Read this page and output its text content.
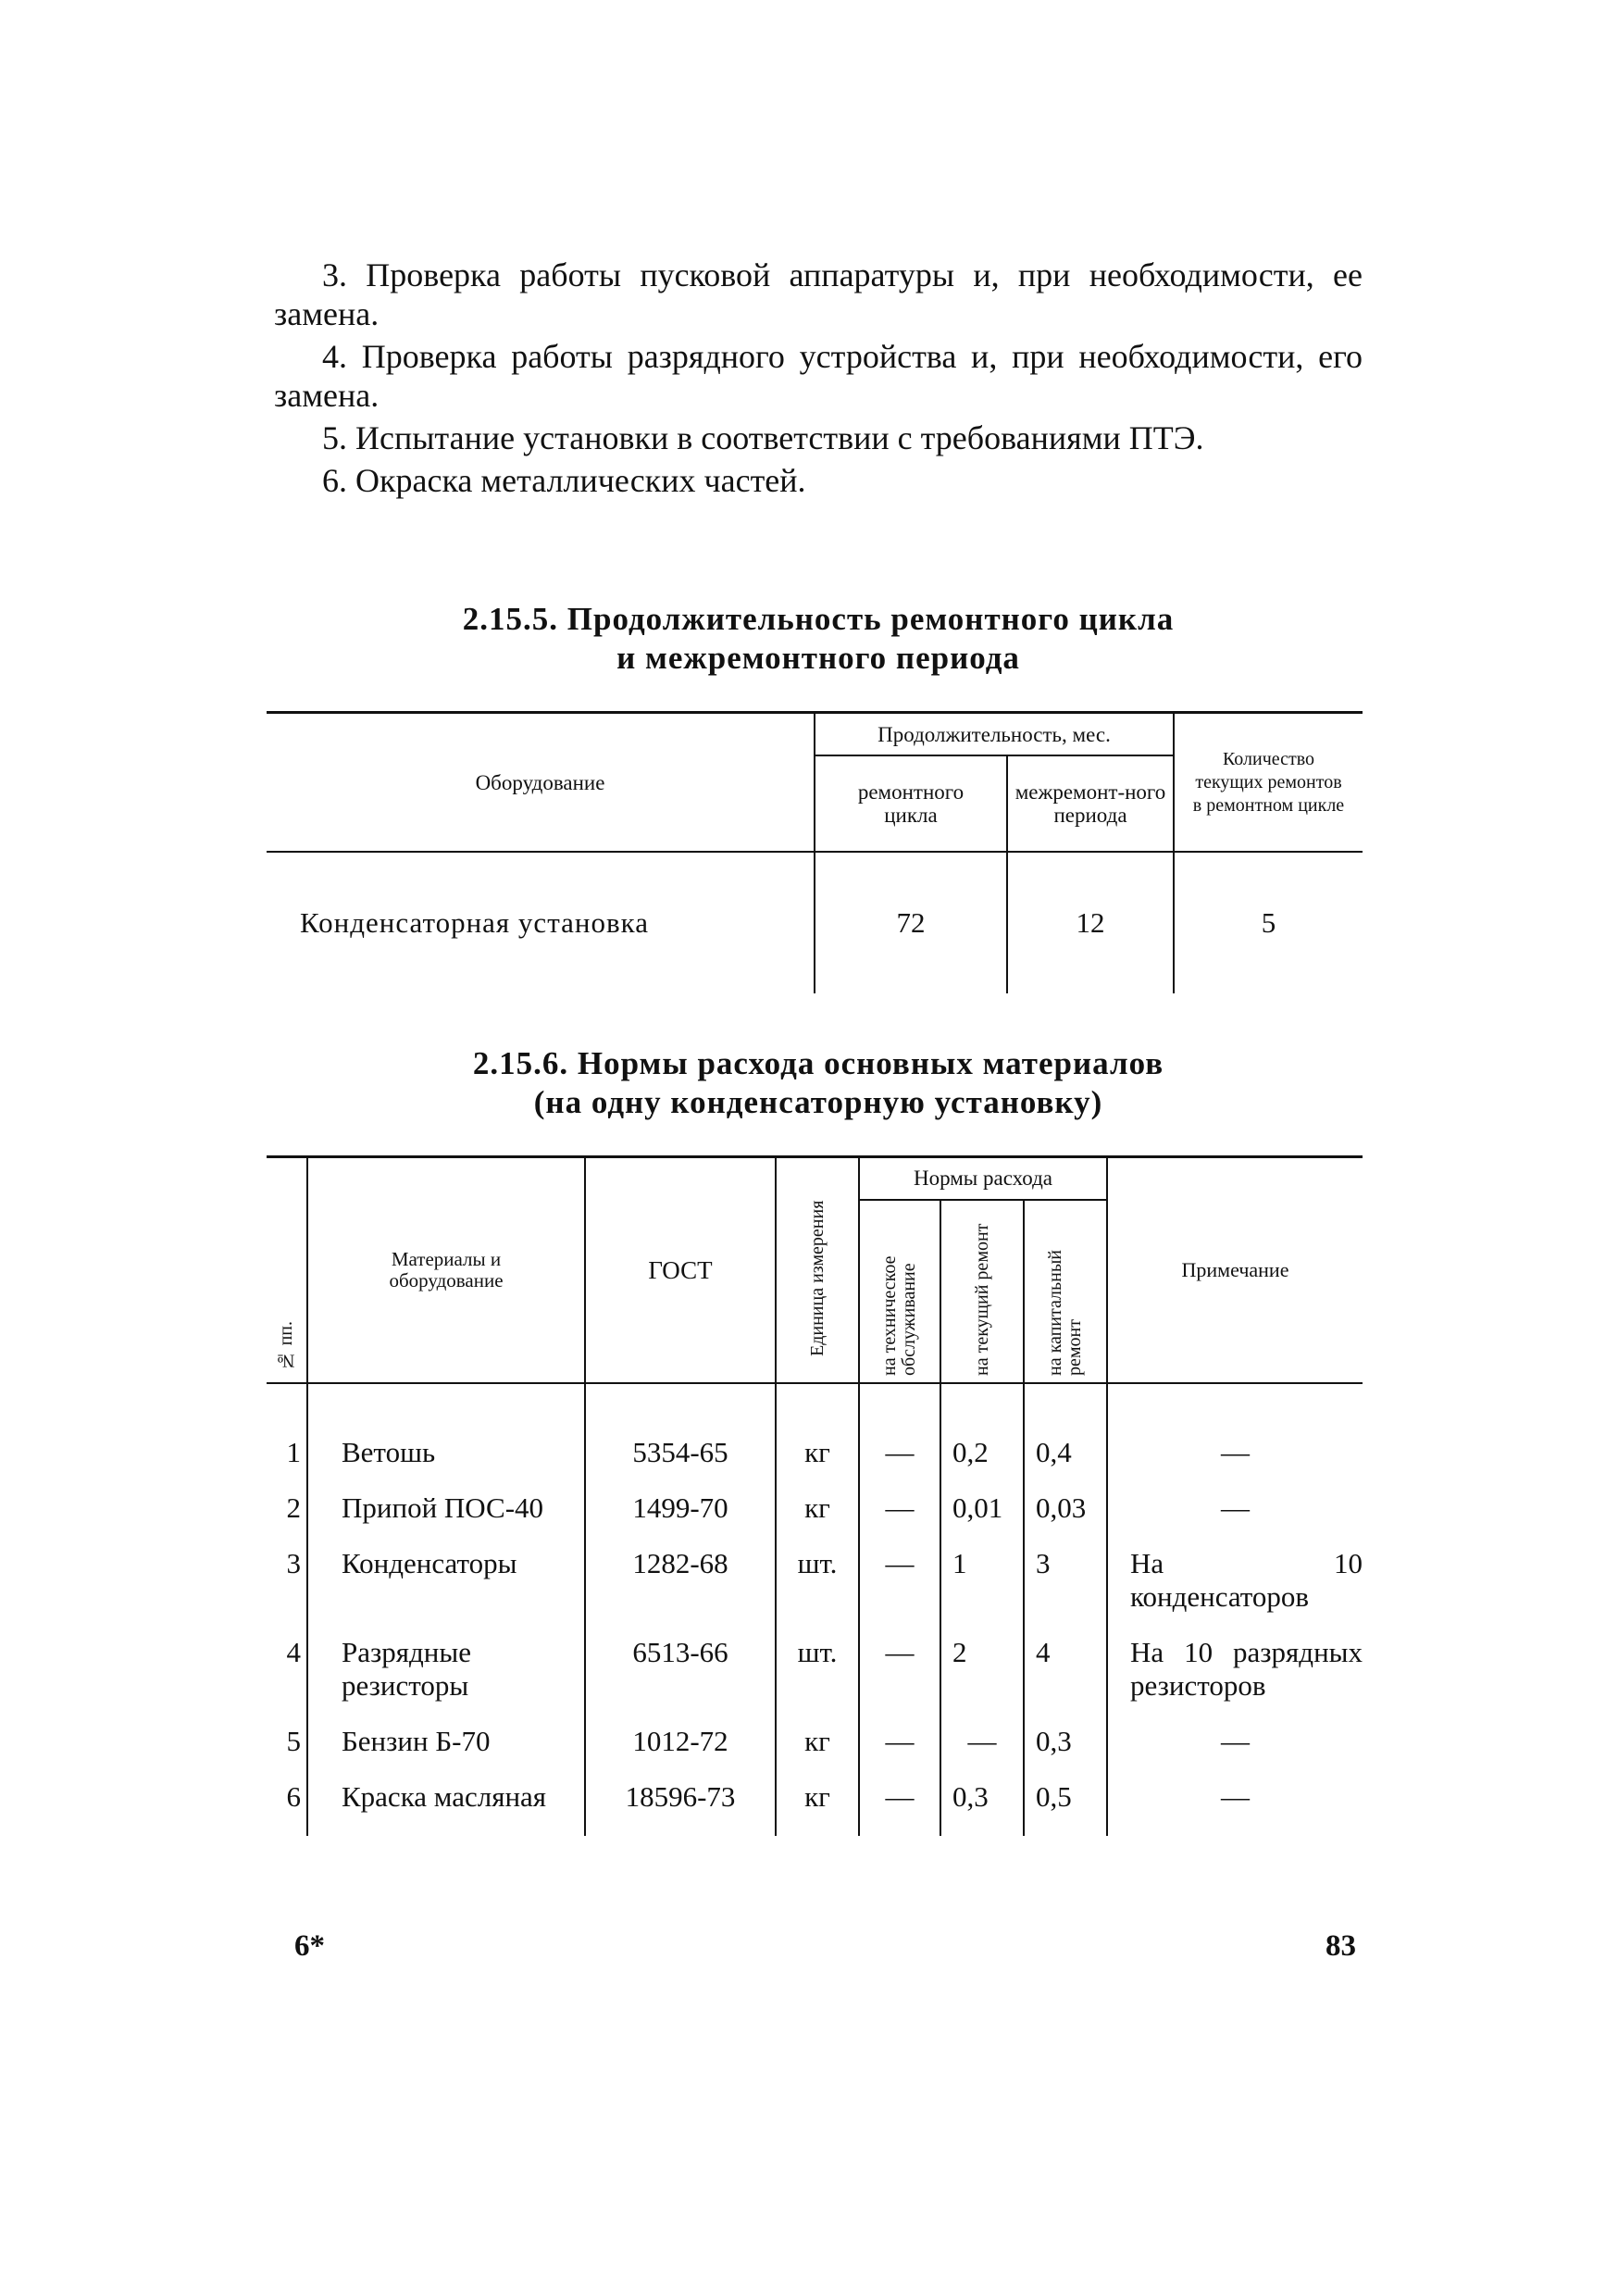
3. Проверка работы пусковой аппаратуры и, при необходимости, ее замена.

4. Проверка работы разрядного устройства и, при необходимости, его замена.

5. Испытание установки в соответствии с требованиями ПТЭ.

6. Окраска металлических частей.

2.15.5. Продолжительность ремонтного цикла
и межремонтного периода
Оборудование	Продолжительность, мес.		Количество текущих ремонтов в ремонтном цикле
	ремонтного цикла	межремонт-ного периода	
Конденсаторная установка	72	12	5
2.15.6. Нормы расхода основных материалов
(на одну конденсаторную установку)
№ пп.	Материалы и оборудование	ГОСТ	Единица измерения	Нормы расхода			Примечание
				на техническое обслуживание	на текущий ремонт	на капитальный ремонт	
1	Ветошь	5354-65	кг	—	0,2	0,4	—
2	Припой ПОС-40	1499-70	кг	—	0,01	0,03	—
3	Конденсаторы	1282-68	шт.	—	1	3	На 10 конденсаторов
4	Разрядные резисторы	6513-66	шт.	—	2	4	На 10 разрядных резисторов
5	Бензин Б-70	1012-72	кг	—	—	0,3	—
6	Краска масляная	18596-73	кг	—	0,3	0,5	—
6*	83
